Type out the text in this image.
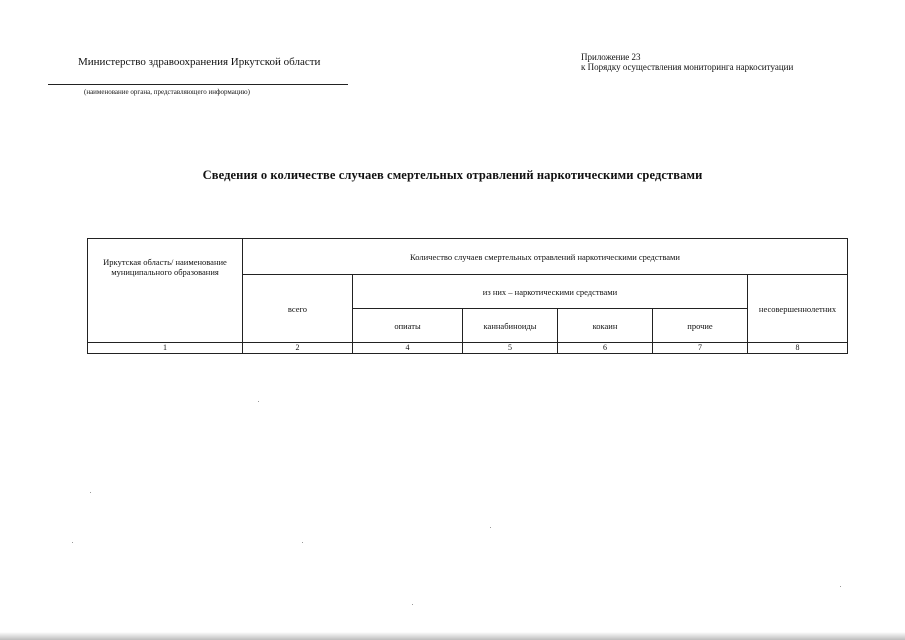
Министерство здравоохранения Иркутской области
(наименование органа, представляющего информацию)
Приложение 23
к Порядку осуществления мониторинга наркоситуации
Сведения о количестве случаев смертельных отравлений наркотическими средствами
Иркутская область/ наименование муниципального образования	Количество случаев смертельных отравлений наркотическими средствами					
	всего	из них – наркотическими средствами				несовершеннолетних
		опиаты	каннабиноиды	кокаин	прочие	
1	2	4	5	6	7	8
